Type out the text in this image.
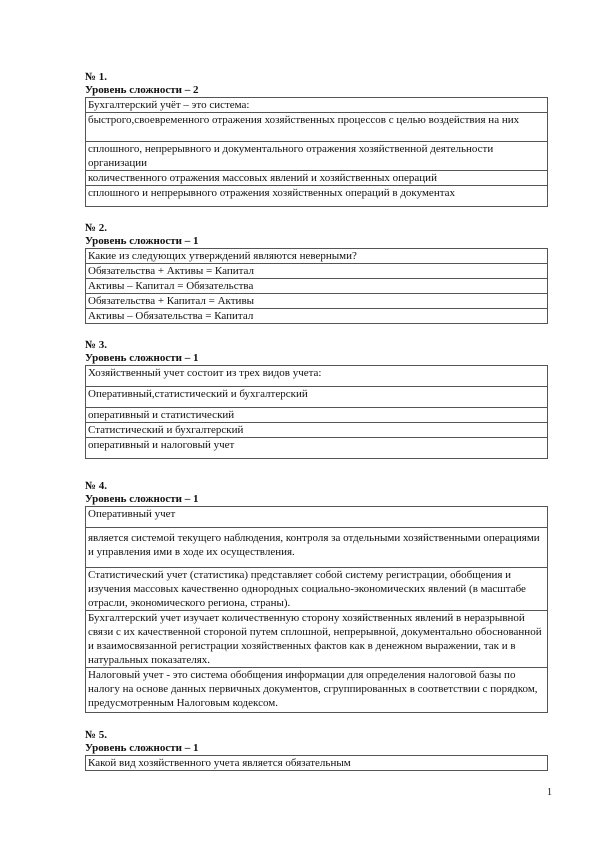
№ 1.
Уровень сложности – 2
Бухгалтерский учёт – это система:
быстрого,своевременного отражения хозяйственных процессов с целью воздействия на них
сплошного, непрерывного и документального отражения хозяйственной деятельности организации
количественного отражения массовых явлений и хозяйственных операций
сплошного и непрерывного отражения хозяйственных операций в документах
№ 2.
Уровень сложности – 1
Какие из следующих утверждений являются неверными?
Обязательства + Активы = Капитал
Активы – Капитал = Обязательства
Обязательства + Капитал = Активы
Активы – Обязательства = Капитал
№ 3.
Уровень сложности – 1
Хозяйственный учет состоит из трех видов учета:
Оперативный,статистический и бухгалтерский
оперативный и статистический
Статистический и бухгалтерский
оперативный и налоговый учет
№ 4.
Уровень сложности – 1
Оперативный учет
является системой текущего наблюдения, контроля за отдельными хозяйственными операциями и управления ими в ходе их осуществления.
Статистический учет (статистика) представляет собой систему регистрации, обобщения и изучения массовых качественно однородных социально-экономических явлений (в масштабе отрасли, экономического региона, страны).
Бухгалтерский учет изучает количественную сторону хозяйственных явлений в неразрывной связи с их качественной стороной путем сплошной, непрерывной, документально обоснованной и взаимосвязанной регистрации хозяйственных фактов как в денежном выражении, так и в натуральных показателях.
Налоговый учет - это система обобщения информации для определения налоговой базы по налогу на основе данных первичных документов, сгруппированных в соответствии с порядком, предусмотренным Налоговым кодексом.
№ 5.
Уровень сложности – 1
Какой вид хозяйственного учета является обязательным
1
